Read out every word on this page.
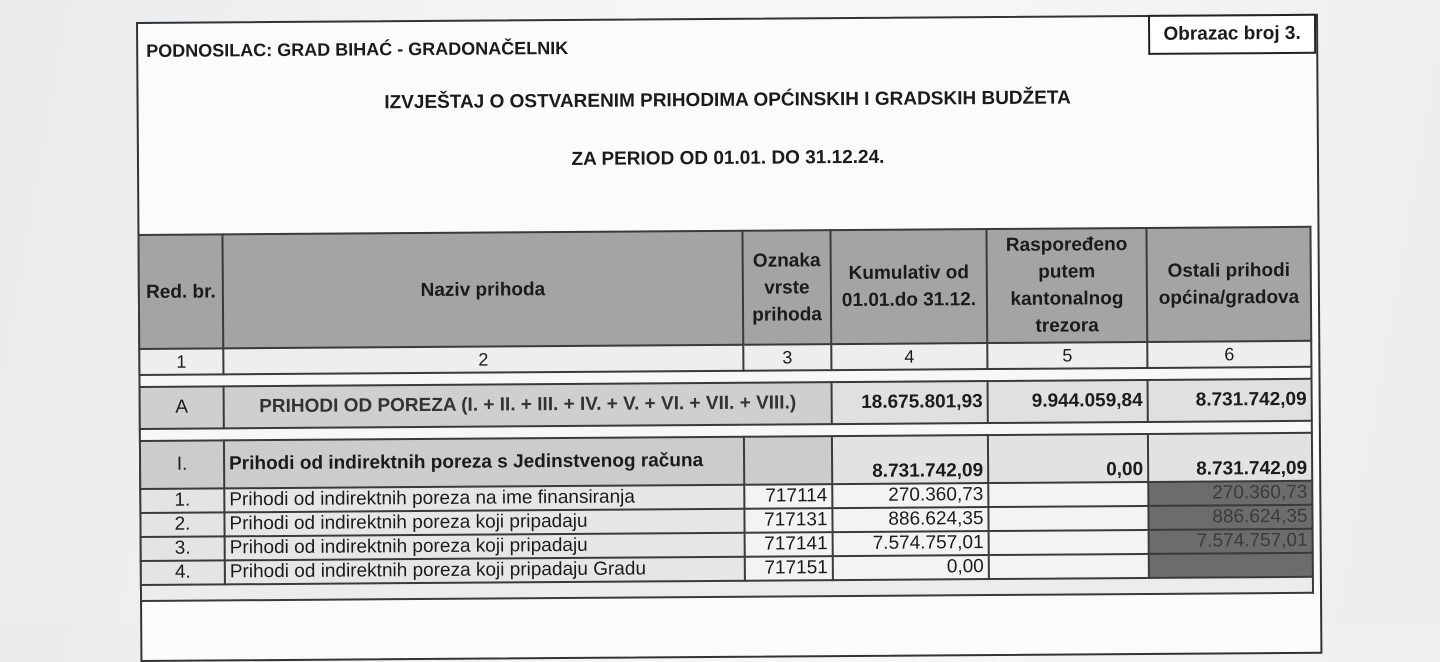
PODNOSILAC: GRAD BIHAĆ - GRADONAČELNIK
Obrazac broj 3.
IZVJEŠTAJ O OSTVARENIM PRIHODIMA OPĆINSKIH I GRADSKIH BUDŽETA
ZA PERIOD OD 01.01. DO 31.12.24.
Red. br.	Naziv prihoda	Oznaka vrste prihoda	Kumulativ od 01.01.do 31.12.	Raspoređeno putem kantonalnog trezora	Ostali prihodi općina/gradova
1	2	3	4	5	6

A	PRIHODI OD POREZA (I. + II. + III. + IV. + V. + VI. + VII. + VIII.)		18.675.801,93	9.944.059,84	8.731.742,09

I.	Prihodi od indirektnih poreza s Jedinstvenog računa		8.731.742,09	0,00	8.731.742,09
1.	Prihodi od indirektnih poreza na ime finansiranja	717114	270.360,73		270.360,73
2.	Prihodi od indirektnih poreza koji pripadaju	717131	886.624,35		886.624,35
3.	Prihodi od indirektnih poreza koji pripadaju	717141	7.574.757,01		7.574.757,01
4.	Prihodi od indirektnih poreza koji pripadaju Gradu	717151	0,00		
